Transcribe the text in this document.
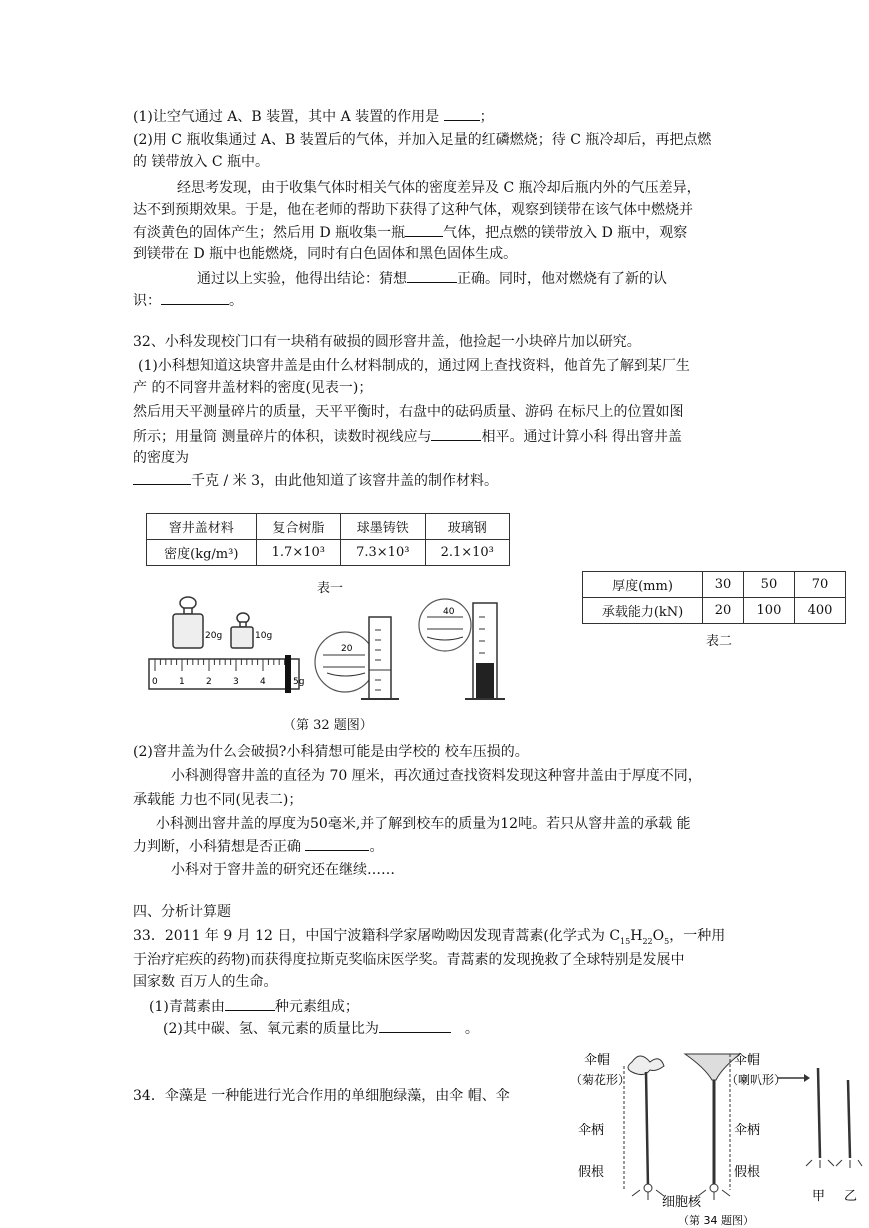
(1)让空气通过 A、B 装置，其中 A 装置的作用是	；
(2)用 C 瓶收集通过 A、B 装置后的气体，并加入足量的红磷燃烧；待 C 瓶冷却后，再把点燃
的 镁带放入 C 瓶中。
经思考发现，由于收集气体时相关气体的密度差异及 C 瓶冷却后瓶内外的气压差异，
达不到预期效果。于是，他在老师的帮助下获得了这种气体，观察到镁带在该气体中燃烧并
有淡黄色的固体产生；然后用 D 瓶收集一瓶	气体，把点燃的镁带放入 D 瓶中，观察
到镁带在 D 瓶中也能燃烧，同时有白色固体和黑色固体生成。
通过以上实验，他得出结论：猜想	正确。同时，他对燃烧有了新的认
识：	。
32、小科发现校门口有一块稍有破损的圆形窨井盖，他捡起一小块碎片加以研究。
(1)小科想知道这块窨井盖是由什么材料制成的，通过网上查找资料，他首先了解到某厂生
产 的不同窨井盖材料的密度(见表一)；
然后用天平测量碎片的质量，天平平衡时，右盘中的砝码质量、游码 在标尺上的位置如图
所示；用量筒 测量碎片的体积，读数时视线应与	相平。通过计算小科 得出窨井盖
的密度为
千克 / 米 3，由此他知道了该窨井盖的制作材料。
窨井盖材料	复合树脂	球墨铸铁	玻璃钢
密度(kg/m³)	1.7×10³	7.3×10³	2.1×10³
表一	厚度(mm)	30	50	70
承载能力(kN)	20	100	400
表二
20g	10g
0 1 2 3 4	5g
20
40
（第 32 题图）
(2)窨井盖为什么会破损?小科猜想可能是由学校的 校车压损的。
小科测得窨井盖的直径为 70 厘米，再次通过查找资料发现这种窨井盖由于厚度不同，
承载能 力也不同(见表二)；
小科测出窨井盖的厚度为50毫米,并了解到校车的质量为12吨。若只从窨井盖的承载 能
力判断，小科猜想是否正确	。
小科对于窨井盖的研究还在继续……
四、分析计算题
33．2011 年 9 月 12 日，中国宁波籍科学家屠呦呦因发现青蒿素(化学式为 $C_{15}H_{22}O_5$，一种用
于治疗疟疾的药物)而获得度拉斯克奖临床医学奖。青蒿素的发现挽救了全球特别是发展中
国家数 百万人的生命。
(1)青蒿素由	种元素组成；
(2)其中碳、氢、氧元素的质量比为	。
34．伞藻是 一种能进行光合作用的单细胞绿藻，由伞 帽、伞
伞帽
（菊花形）
伞帽
（喇叭形）
伞柄	伞柄
假根	假根
细胞核	甲 乙
（第 34 题图）
